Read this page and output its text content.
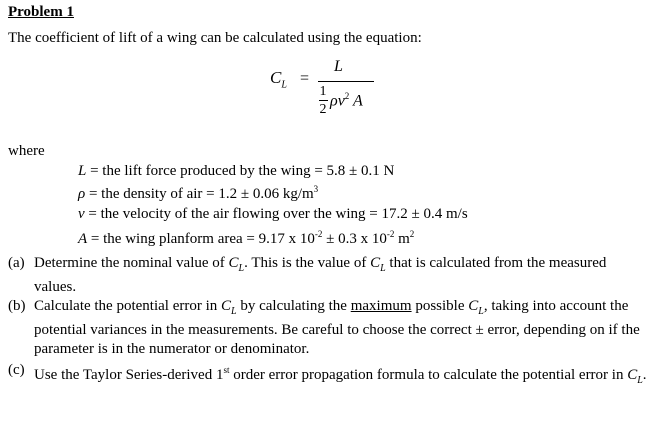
Problem 1
The coefficient of lift of a wing can be calculated using the equation:
$C_L$ =
L
1
2
$\rho v^2$ A
where
L = the lift force produced by the wing = 5.8 ± 0.1 N
ρ = the density of air = 1.2 ± 0.06 $kg/m^3$
v = the velocity of the air flowing over the wing = 17.2 ± 0.4 m/s
A = the wing planform area = 9.17 x $10^{-2} \pm 0.3$ x $10^{-2}$ $m^2$
(a) Determine the nominal value of $C_L$. This is the value of $C_L$ that is calculated from the measured values.
(b) Calculate the potential error in $C_L$ by calculating the maximum possible $C_L$, taking into account the potential variances in the measurements. Be careful to choose the correct ± error, depending on if the parameter is in the numerator or denominator.
(c) Use the Taylor Series-derived 1st order error propagation formula to calculate the potential error in $C_L$.
